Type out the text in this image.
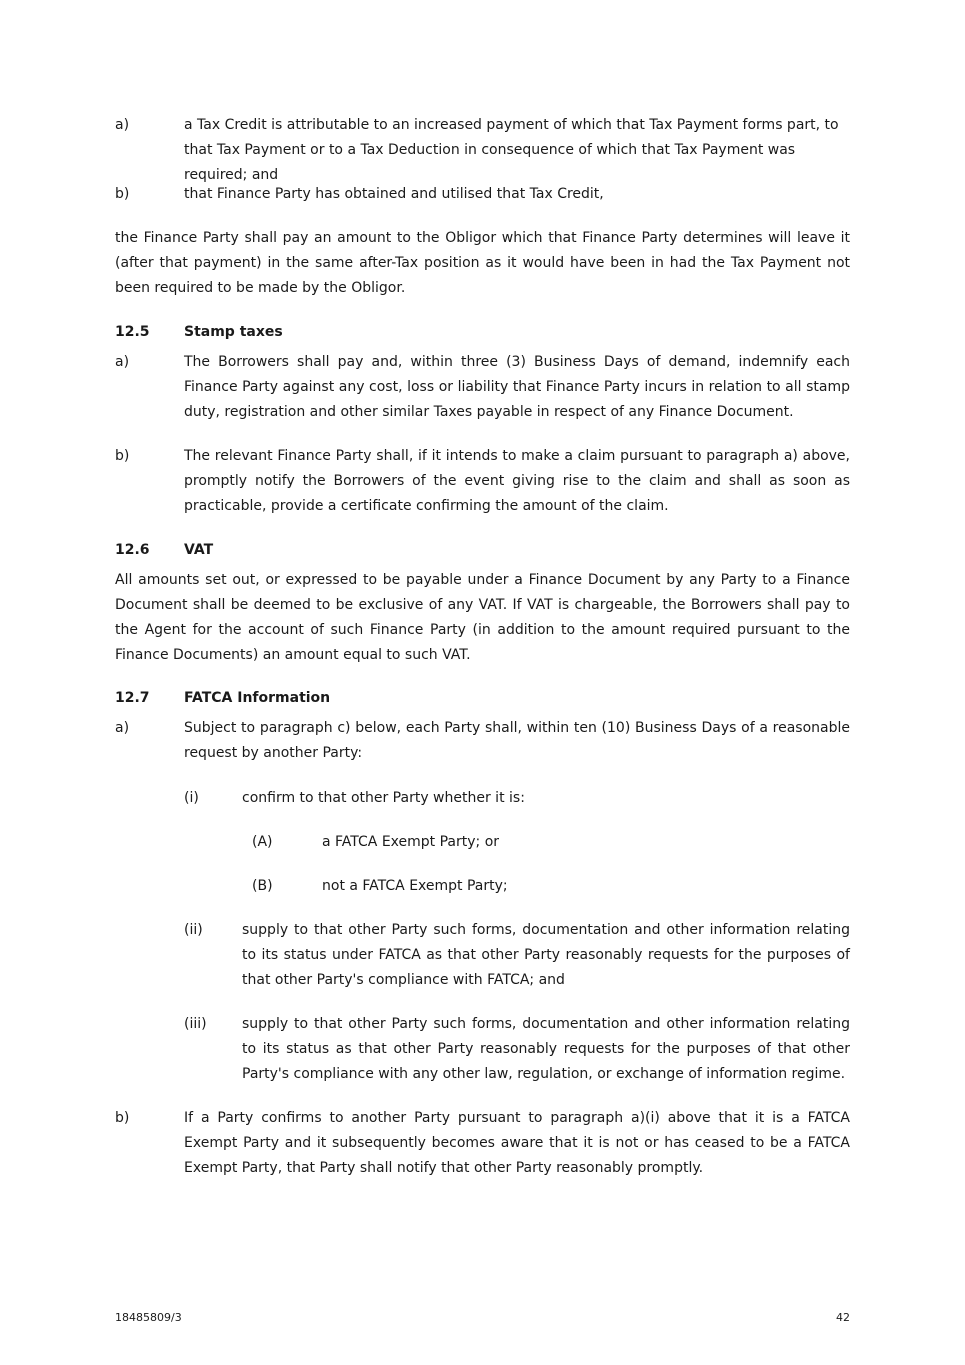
a)	a Tax Credit is attributable to an increased payment of which that Tax Payment forms part, to that Tax Payment or to a Tax Deduction in consequence of which that Tax Payment was required; and

b)	that Finance Party has obtained and utilised that Tax Credit,

the Finance Party shall pay an amount to the Obligor which that Finance Party determines will leave it (after that payment) in the same after-Tax position as it would have been in had the Tax Payment not been required to be made by the Obligor.

12.5 Stamp taxes

a)	The Borrowers shall pay and, within three (3) Business Days of demand, indemnify each Finance Party against any cost, loss or liability that Finance Party incurs in relation to all stamp duty, registration and other similar Taxes payable in respect of any Finance Document.

b)	The relevant Finance Party shall, if it intends to make a claim pursuant to paragraph a) above, promptly notify the Borrowers of the event giving rise to the claim and shall as soon as practicable, provide a certificate confirming the amount of the claim.

12.6 VAT

All amounts set out, or expressed to be payable under a Finance Document by any Party to a Finance Document shall be deemed to be exclusive of any VAT. If VAT is chargeable, the Borrowers shall pay to the Agent for the account of such Finance Party (in addition to the amount required pursuant to the Finance Documents) an amount equal to such VAT.

12.7 FATCA Information

a)	Subject to paragraph c) below, each Party shall, within ten (10) Business Days of a reasonable request by another Party:

(i)	confirm to that other Party whether it is:

(A)	a FATCA Exempt Party; or

(B)	not a FATCA Exempt Party;

(ii)	supply to that other Party such forms, documentation and other information relating to its status under FATCA as that other Party reasonably requests for the purposes of that other Party's compliance with FATCA; and

(iii)	supply to that other Party such forms, documentation and other information relating to its status as that other Party reasonably requests for the purposes of that other Party's compliance with any other law, regulation, or exchange of information regime.

b)	If a Party confirms to another Party pursuant to paragraph a)(i) above that it is a FATCA Exempt Party and it subsequently becomes aware that it is not or has ceased to be a FATCA Exempt Party, that Party shall notify that other Party reasonably promptly.

18485809/3	42
